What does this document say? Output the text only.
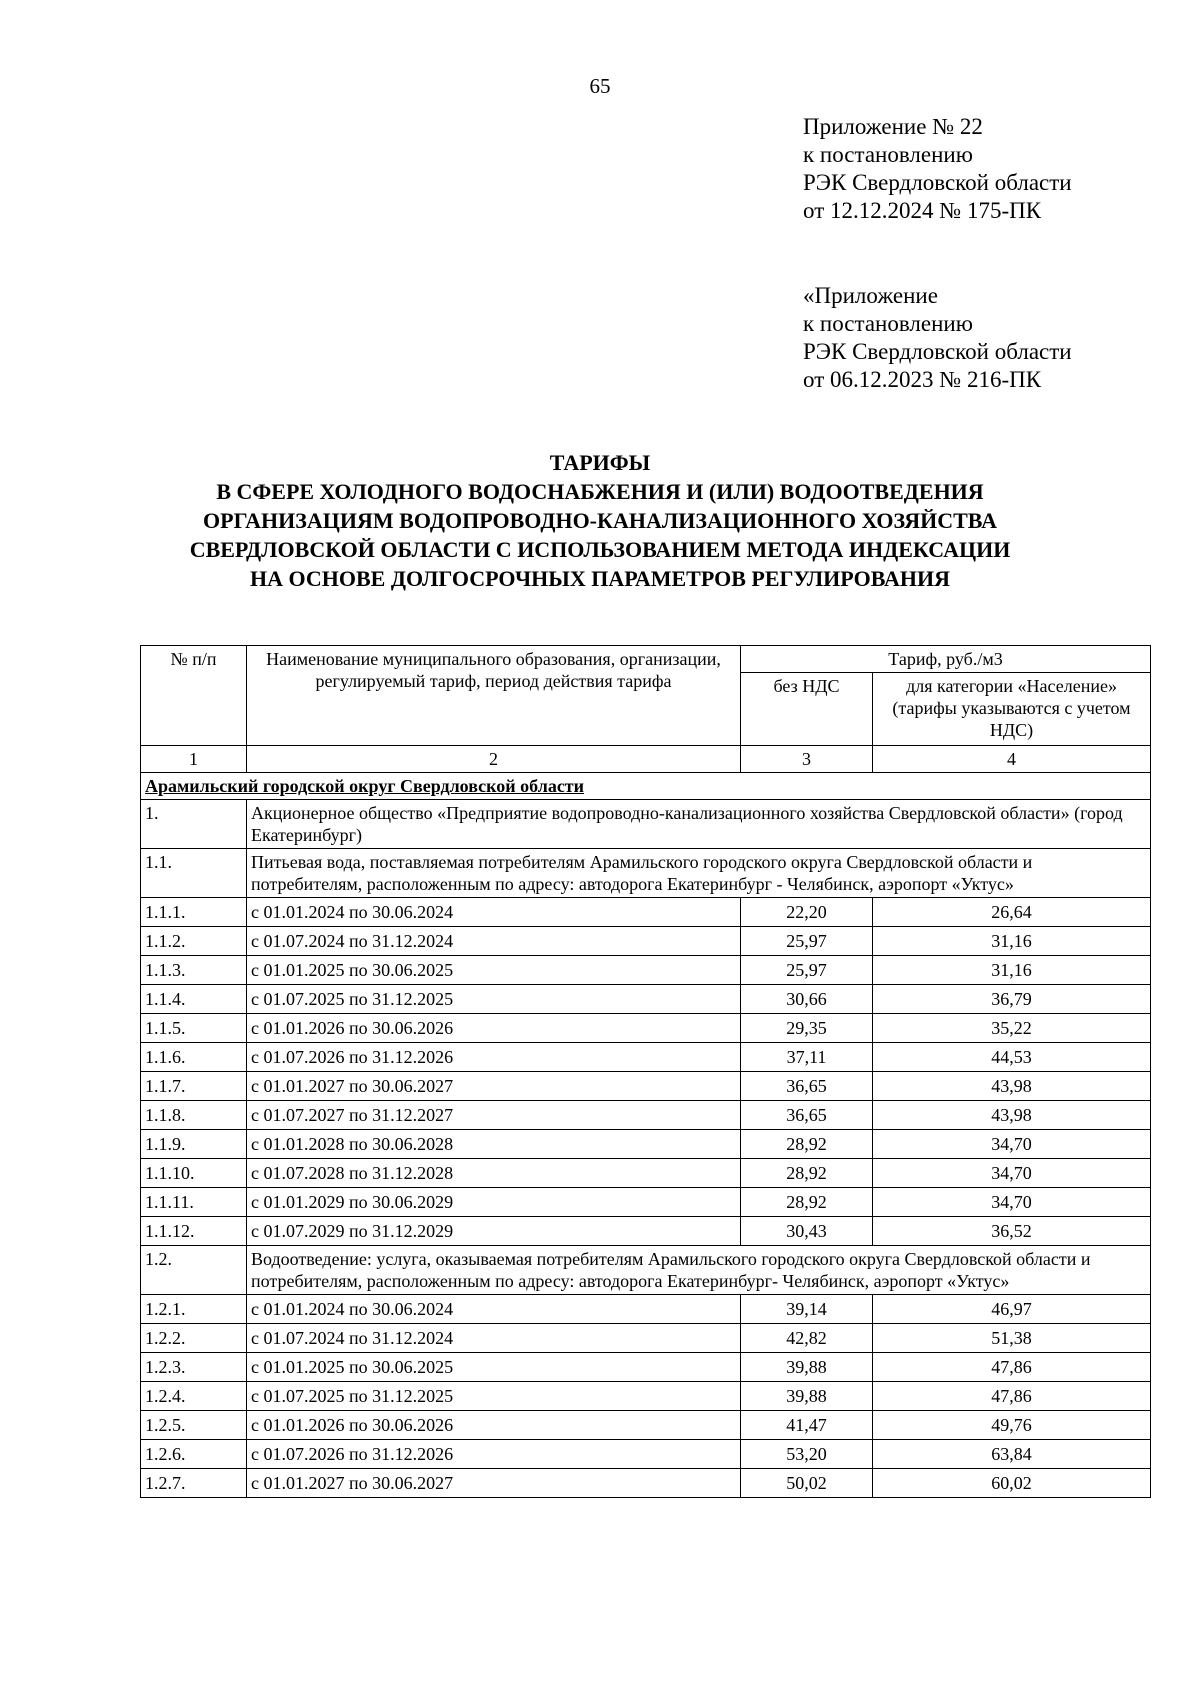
65
Приложение № 22
к постановлению
РЭК Свердловской области
от 12.12.2024 № 175-ПК
«Приложение
к постановлению
РЭК Свердловской области
от 06.12.2023 № 216-ПК
ТАРИФЫ
В СФЕРЕ ХОЛОДНОГО ВОДОСНАБЖЕНИЯ И (ИЛИ) ВОДООТВЕДЕНИЯ
ОРГАНИЗАЦИЯМ ВОДОПРОВОДНО-КАНАЛИЗАЦИОННОГО ХОЗЯЙСТВА
СВЕРДЛОВСКОЙ ОБЛАСТИ С ИСПОЛЬЗОВАНИЕМ МЕТОДА ИНДЕКСАЦИИ
НА ОСНОВЕ ДОЛГОСРОЧНЫХ ПАРАМЕТРОВ РЕГУЛИРОВАНИЯ
№ п/п	Наименование муниципального образования, организации, регулируемый тариф, период действия тарифа	Тариф, руб./м3	
		без НДС	для категории «Население» (тарифы указываются с учетом НДС)
1	2	3	4
Арамильский городской округ Свердловской области			
1.	Акционерное общество «Предприятие водопроводно-канализационного хозяйства Свердловской области» (город Екатеринбург)		
1.1.	Питьевая вода, поставляемая потребителям Арамильского городского округа Свердловской области и потребителям, расположенным по адресу: автодорога Екатеринбург - Челябинск, аэропорт «Уктус»		
1.1.1.	с 01.01.2024 по 30.06.2024	22,20	26,64
1.1.2.	с 01.07.2024 по 31.12.2024	25,97	31,16
1.1.3.	с 01.01.2025 по 30.06.2025	25,97	31,16
1.1.4.	с 01.07.2025 по 31.12.2025	30,66	36,79
1.1.5.	с 01.01.2026 по 30.06.2026	29,35	35,22
1.1.6.	с 01.07.2026 по 31.12.2026	37,11	44,53
1.1.7.	с 01.01.2027 по 30.06.2027	36,65	43,98
1.1.8.	с 01.07.2027 по 31.12.2027	36,65	43,98
1.1.9.	с 01.01.2028 по 30.06.2028	28,92	34,70
1.1.10.	с 01.07.2028 по 31.12.2028	28,92	34,70
1.1.11.	с 01.01.2029 по 30.06.2029	28,92	34,70
1.1.12.	с 01.07.2029 по 31.12.2029	30,43	36,52
1.2.	Водоотведение: услуга, оказываемая потребителям Арамильского городского округа Свердловской области и потребителям, расположенным по адресу: автодорога Екатеринбург- Челябинск, аэропорт «Уктус»		
1.2.1.	с 01.01.2024 по 30.06.2024	39,14	46,97
1.2.2.	с 01.07.2024 по 31.12.2024	42,82	51,38
1.2.3.	с 01.01.2025 по 30.06.2025	39,88	47,86
1.2.4.	с 01.07.2025 по 31.12.2025	39,88	47,86
1.2.5.	с 01.01.2026 по 30.06.2026	41,47	49,76
1.2.6.	с 01.07.2026 по 31.12.2026	53,20	63,84
1.2.7.	с 01.01.2027 по 30.06.2027	50,02	60,02
